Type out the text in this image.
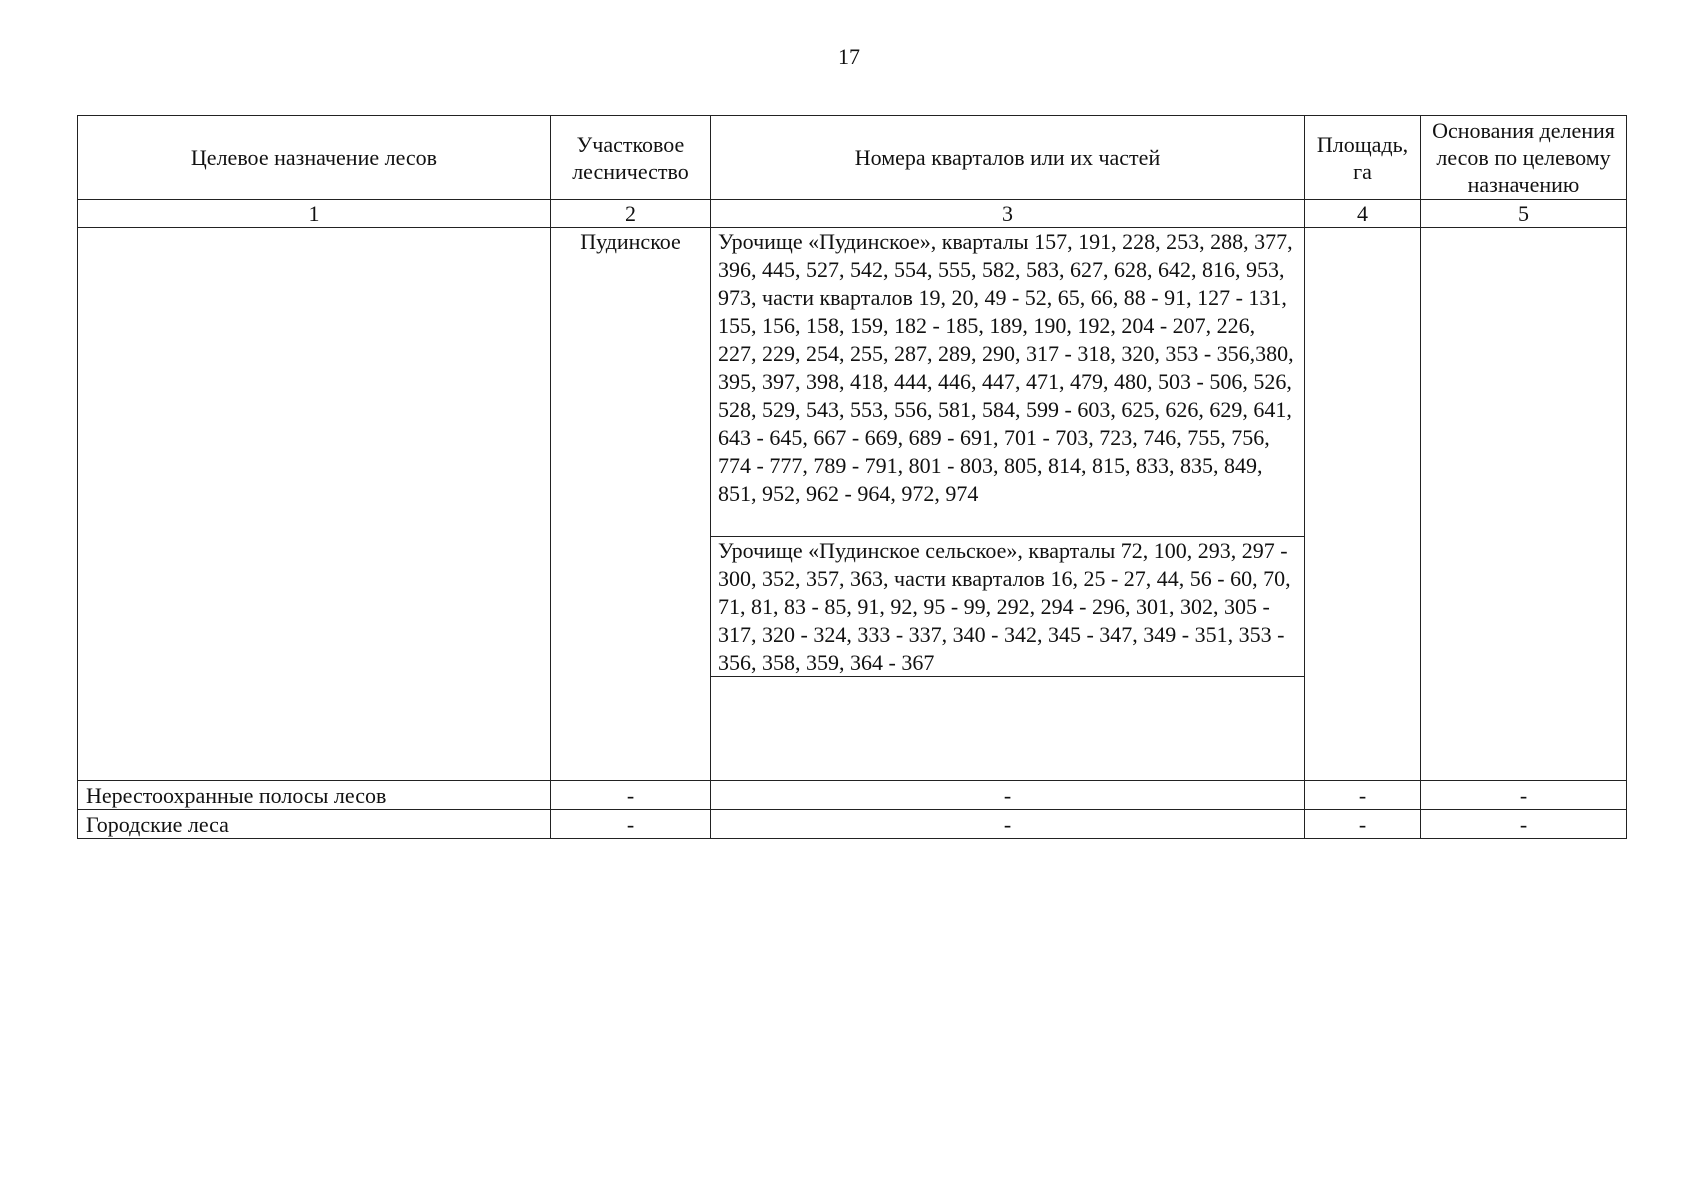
17
Целевое назначение лесов	Участковое лесничество	Номера кварталов или их частей	Площадь, га	Основания деления лесов по целевому назначению
1	2	3	4	5
	Пудинское	Урочище «Пудинское», кварталы 157, 191, 228, 253, 288, 377, 396, 445, 527, 542, 554, 555, 582, 583, 627, 628, 642, 816, 953, 973, части кварталов 19, 20, 49 - 52, 65, 66, 88 - 91, 127 - 131, 155, 156, 158, 159, 182 - 185, 189, 190, 192, 204 - 207, 226, 227, 229, 254, 255, 287, 289, 290, 317 - 318, 320, 353 - 356,380, 395, 397, 398, 418, 444, 446, 447, 471, 479, 480, 503 - 506, 526, 528, 529, 543, 553, 556, 581, 584, 599 - 603, 625, 626, 629, 641, 643 - 645, 667 - 669, 689 - 691, 701 - 703, 723, 746, 755, 756, 774 - 777, 789 - 791, 801 - 803, 805, 814, 815, 833, 835, 849, 851, 952, 962 - 964, 972, 974
Урочище «Пудинское сельское», кварталы 72, 100, 293, 297 - 300, 352, 357, 363, части кварталов 16, 25 - 27, 44, 56 - 60, 70, 71, 81, 83 - 85, 91, 92, 95 - 99, 292, 294 - 296, 301, 302, 305 - 317, 320 - 324, 333 - 337, 340 - 342, 345 - 347, 349 - 351, 353 - 356, 358, 359, 364 - 367		

Нерестоохранные полосы лесов	-	-	-	-
Городские леса	-	-	-	-
